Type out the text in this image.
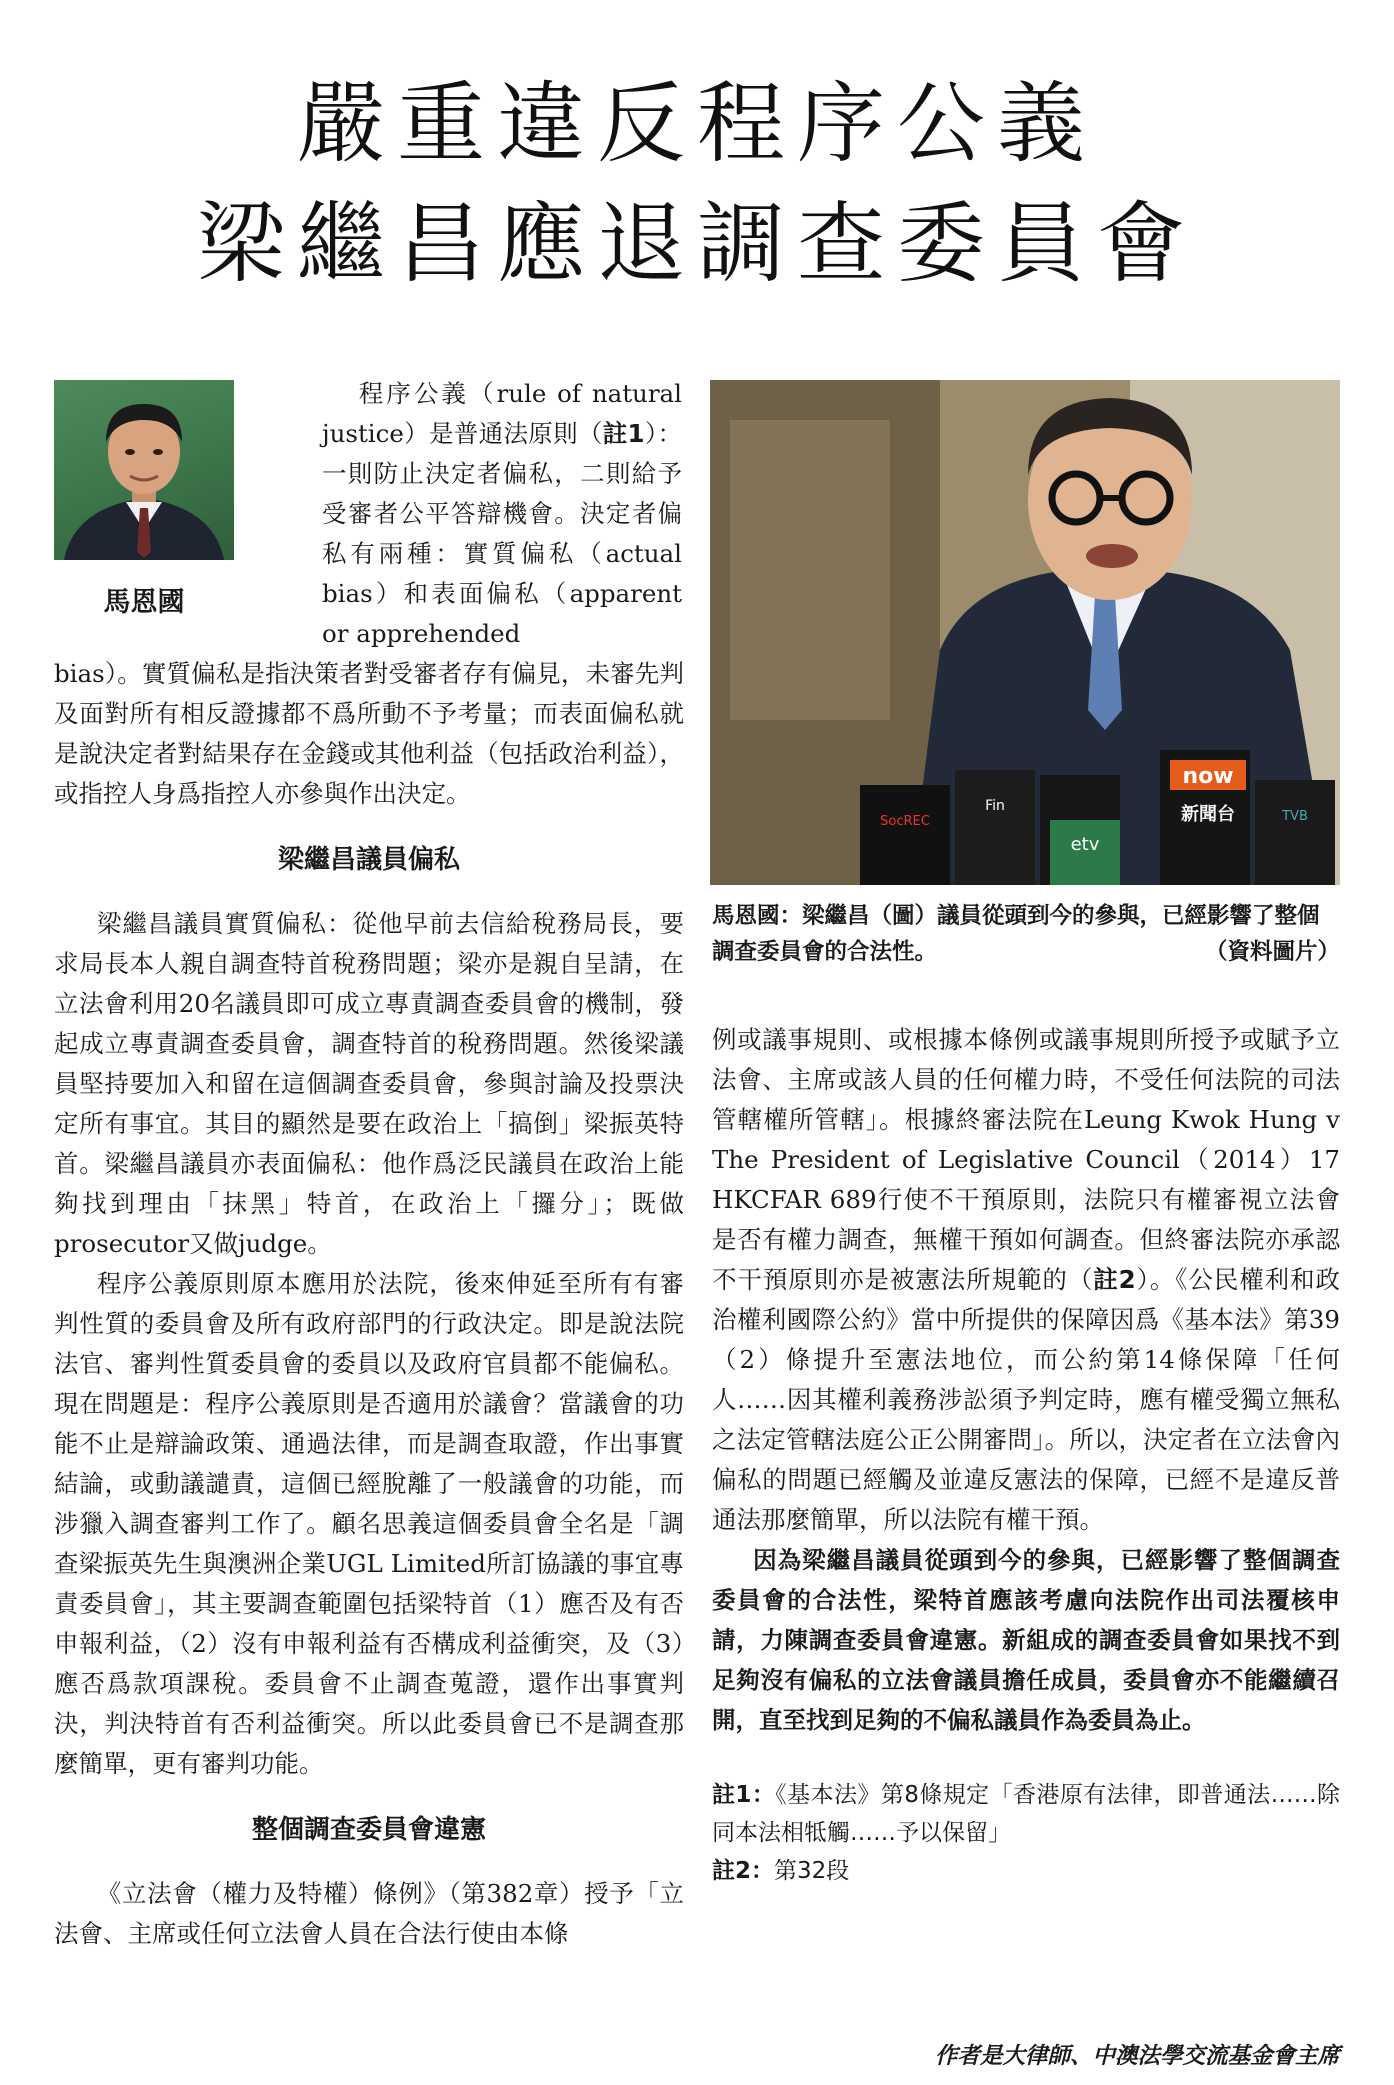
嚴重違反程序公義
梁繼昌應退調查委員會
馬恩國
程序公義（rule of natural justice）是普通法原則（註1）：一則防止決定者偏私，二則給予受審者公平答辯機會。決定者偏私有兩種：實質偏私（actual bias）和表面偏私（apparent or apprehended

bias）。實質偏私是指決策者對受審者存有偏見，未審先判及面對所有相反證據都不爲所動不予考量；而表面偏私就是說決定者對結果存在金錢或其他利益（包括政治利益），或指控人身爲指控人亦參與作出決定。

梁繼昌議員偏私

梁繼昌議員實質偏私：從他早前去信給稅務局長，要求局長本人親自調查特首稅務問題；梁亦是親自呈請，在立法會利用20名議員即可成立專責調查委員會的機制，發起成立專責調查委員會，調查特首的稅務問題。然後梁議員堅持要加入和留在這個調查委員會，參與討論及投票決定所有事宜。其目的顯然是要在政治上「搞倒」梁振英特首。梁繼昌議員亦表面偏私：他作爲泛民議員在政治上能夠找到理由「抹黑」特首，在政治上「攞分」；既做prosecutor又做judge。

程序公義原則原本應用於法院，後來伸延至所有有審判性質的委員會及所有政府部門的行政決定。即是說法院法官、審判性質委員會的委員以及政府官員都不能偏私。現在問題是：程序公義原則是否適用於議會？當議會的功能不止是辯論政策、通過法律，而是調查取證，作出事實結論，或動議譴責，這個已經脫離了一般議會的功能，而涉獵入調查審判工作了。顧名思義這個委員會全名是「調查梁振英先生與澳洲企業UGL Limited所訂協議的事宜專責委員會」，其主要調查範圍包括梁特首（1）應否及有否申報利益，（2）沒有申報利益有否構成利益衝突，及（3）應否爲款項課稅。委員會不止調查蒐證，還作出事實判決，判決特首有否利益衝突。所以此委員會已不是調查那麼簡單，更有審判功能。

整個調查委員會違憲

《立法會（權力及特權）條例》（第382章）授予「立法會、主席或任何立法會人員在合法行使由本條

now
新聞台
SocREC
Fin
etv
TVB
馬恩國：梁繼昌（圖）議員從頭到今的參與，已經影響了整個調查委員會的合法性。	（資料圖片）

例或議事規則、或根據本條例或議事規則所授予或賦予立法會、主席或該人員的任何權力時，不受任何法院的司法管轄權所管轄」。根據終審法院在Leung Kwok Hung v The President of Legislative Council（2014）17 HKCFAR 689行使不干預原則，法院只有權審視立法會是否有權力調查，無權干預如何調查。但終審法院亦承認不干預原則亦是被憲法所規範的（註2）。《公民權利和政治權利國際公約》當中所提供的保障因爲《基本法》第39（2）條提升至憲法地位，而公約第14條保障「任何人……因其權利義務涉訟須予判定時，應有權受獨立無私之法定管轄法庭公正公開審問」。所以，決定者在立法會內偏私的問題已經觸及並違反憲法的保障，已經不是違反普通法那麼簡單，所以法院有權干預。

因為梁繼昌議員從頭到今的參與，已經影響了整個調查委員會的合法性，梁特首應該考慮向法院作出司法覆核申請，力陳調查委員會違憲。新組成的調查委員會如果找不到足夠沒有偏私的立法會議員擔任成員，委員會亦不能繼續召開，直至找到足夠的不偏私議員作為委員為止。

註1：《基本法》第8條規定「香港原有法律，即普通法……除同本法相牴觸……予以保留」

註2：第32段

作者是大律師、中澳法學交流基金會主席
